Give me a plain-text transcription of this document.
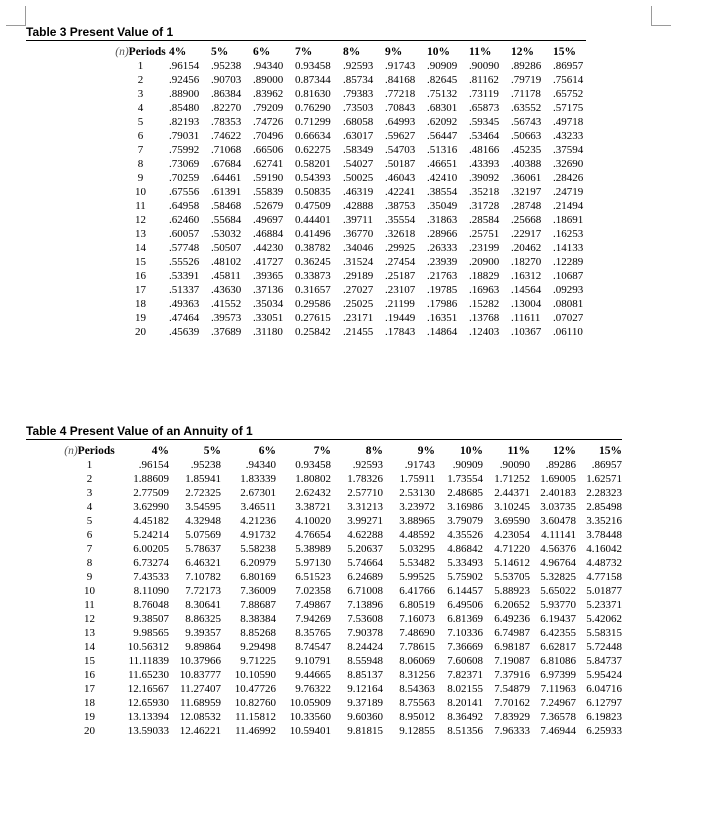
Table 3 Present Value of 1
(n)Periods	4%	5%	6%	7%	8%	9%	10%	11%	12%	15%
1	.96154	.95238	.94340	0.93458	.92593	.91743	.90909	.90090	.89286	.86957
2	.92456	.90703	.89000	0.87344	.85734	.84168	.82645	.81162	.79719	.75614
3	.88900	.86384	.83962	0.81630	.79383	.77218	.75132	.73119	.71178	.65752
4	.85480	.82270	.79209	0.76290	.73503	.70843	.68301	.65873	.63552	.57175
5	.82193	.78353	.74726	0.71299	.68058	.64993	.62092	.59345	.56743	.49718
6	.79031	.74622	.70496	0.66634	.63017	.59627	.56447	.53464	.50663	.43233
7	.75992	.71068	.66506	0.62275	.58349	.54703	.51316	.48166	.45235	.37594
8	.73069	.67684	.62741	0.58201	.54027	.50187	.46651	.43393	.40388	.32690
9	.70259	.64461	.59190	0.54393	.50025	.46043	.42410	.39092	.36061	.28426
10	.67556	.61391	.55839	0.50835	.46319	.42241	.38554	.35218	.32197	.24719
11	.64958	.58468	.52679	0.47509	.42888	.38753	.35049	.31728	.28748	.21494
12	.62460	.55684	.49697	0.44401	.39711	.35554	.31863	.28584	.25668	.18691
13	.60057	.53032	.46884	0.41496	.36770	.32618	.28966	.25751	.22917	.16253
14	.57748	.50507	.44230	0.38782	.34046	.29925	.26333	.23199	.20462	.14133
15	.55526	.48102	.41727	0.36245	.31524	.27454	.23939	.20900	.18270	.12289
16	.53391	.45811	.39365	0.33873	.29189	.25187	.21763	.18829	.16312	.10687
17	.51337	.43630	.37136	0.31657	.27027	.23107	.19785	.16963	.14564	.09293
18	.49363	.41552	.35034	0.29586	.25025	.21199	.17986	.15282	.13004	.08081
19	.47464	.39573	.33051	0.27615	.23171	.19449	.16351	.13768	.11611	.07027
20	.45639	.37689	.31180	0.25842	.21455	.17843	.14864	.12403	.10367	.06110
Table 4 Present Value of an Annuity of 1
(n)Periods	4%	5%	6%	7%	8%	9%	10%	11%	12%	15%
1	.96154	.95238	.94340	0.93458	.92593	.91743	.90909	.90090	.89286	.86957
2	1.88609	1.85941	1.83339	1.80802	1.78326	1.75911	1.73554	1.71252	1.69005	1.62571
3	2.77509	2.72325	2.67301	2.62432	2.57710	2.53130	2.48685	2.44371	2.40183	2.28323
4	3.62990	3.54595	3.46511	3.38721	3.31213	3.23972	3.16986	3.10245	3.03735	2.85498
5	4.45182	4.32948	4.21236	4.10020	3.99271	3.88965	3.79079	3.69590	3.60478	3.35216
6	5.24214	5.07569	4.91732	4.76654	4.62288	4.48592	4.35526	4.23054	4.11141	3.78448
7	6.00205	5.78637	5.58238	5.38989	5.20637	5.03295	4.86842	4.71220	4.56376	4.16042
8	6.73274	6.46321	6.20979	5.97130	5.74664	5.53482	5.33493	5.14612	4.96764	4.48732
9	7.43533	7.10782	6.80169	6.51523	6.24689	5.99525	5.75902	5.53705	5.32825	4.77158
10	8.11090	7.72173	7.36009	7.02358	6.71008	6.41766	6.14457	5.88923	5.65022	5.01877
11	8.76048	8.30641	7.88687	7.49867	7.13896	6.80519	6.49506	6.20652	5.93770	5.23371
12	9.38507	8.86325	8.38384	7.94269	7.53608	7.16073	6.81369	6.49236	6.19437	5.42062
13	9.98565	9.39357	8.85268	8.35765	7.90378	7.48690	7.10336	6.74987	6.42355	5.58315
14	10.56312	9.89864	9.29498	8.74547	8.24424	7.78615	7.36669	6.98187	6.62817	5.72448
15	11.11839	10.37966	9.71225	9.10791	8.55948	8.06069	7.60608	7.19087	6.81086	5.84737
16	11.65230	10.83777	10.10590	9.44665	8.85137	8.31256	7.82371	7.37916	6.97399	5.95424
17	12.16567	11.27407	10.47726	9.76322	9.12164	8.54363	8.02155	7.54879	7.11963	6.04716
18	12.65930	11.68959	10.82760	10.05909	9.37189	8.75563	8.20141	7.70162	7.24967	6.12797
19	13.13394	12.08532	11.15812	10.33560	9.60360	8.95012	8.36492	7.83929	7.36578	6.19823
20	13.59033	12.46221	11.46992	10.59401	9.81815	9.12855	8.51356	7.96333	7.46944	6.25933
